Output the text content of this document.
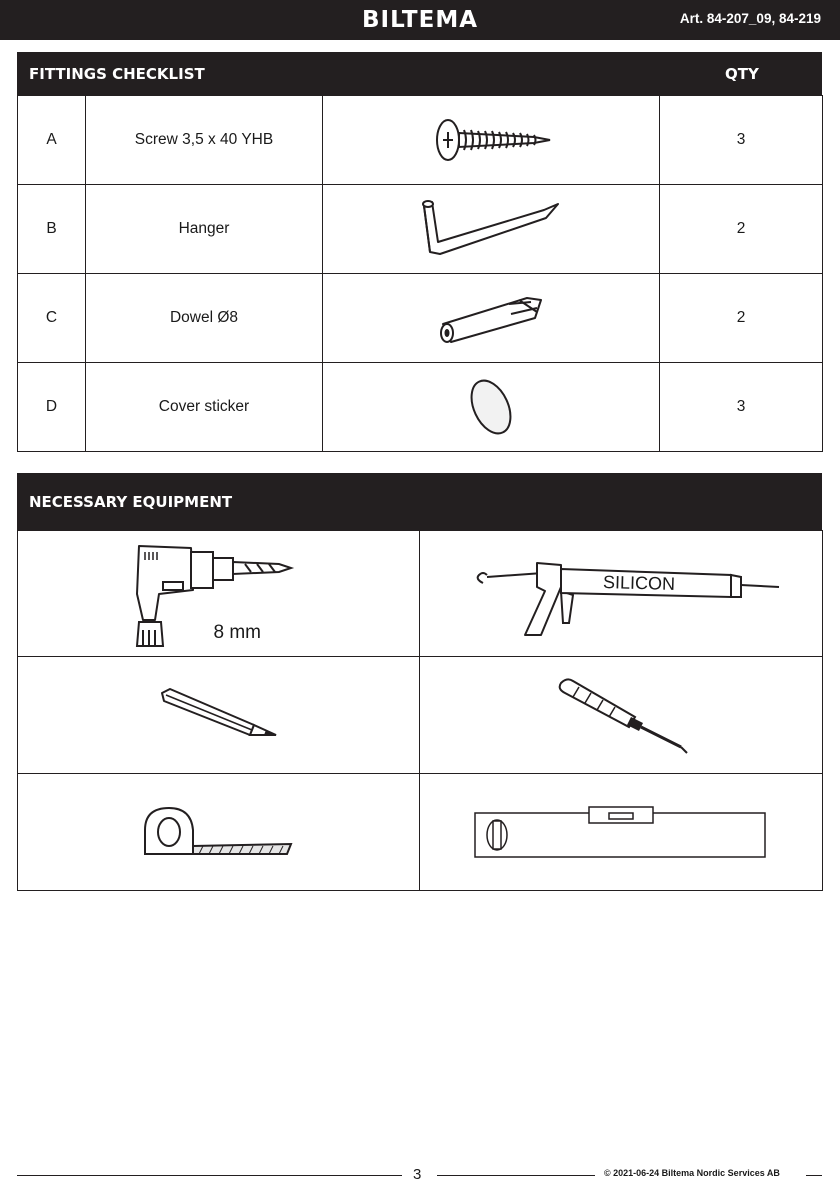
BILTEMA	Art. 84-207_09, 84-219
FITTINGS CHECKLIST	QTY
A	Screw 3,5 x 40 YHB		3
B	Hanger		2
C	Dowel Ø8		2
D	Cover sticker		3
NECESSARY EQUIPMENT
8 mm	SILICON

3	© 2021-06-24 Biltema Nordic Services AB
